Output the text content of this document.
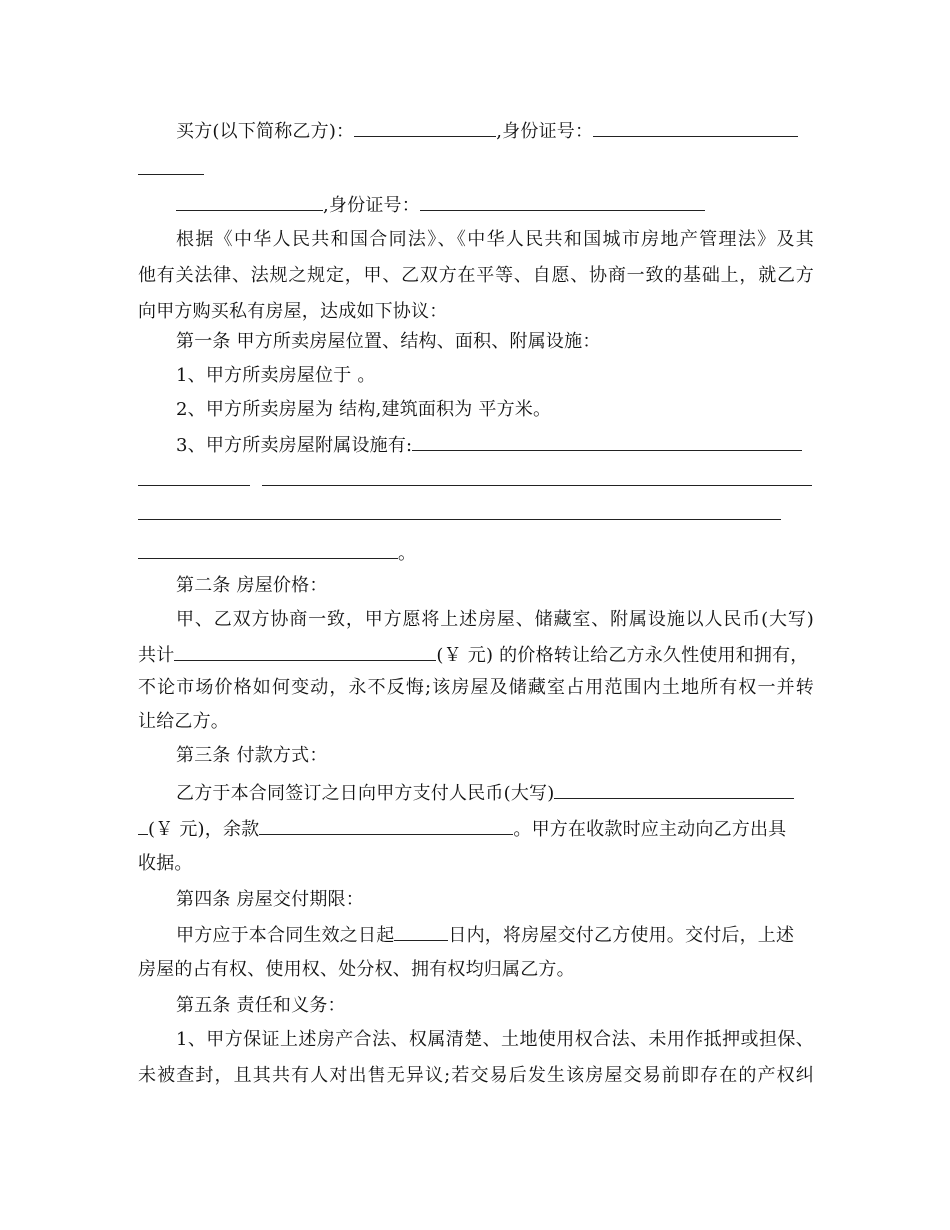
买方(以下简称乙方)：	,身份证号：
,身份证号：
根据《中华人民共和国合同法》、《中华人民共和国城市房地产管理法》及其
他有关法律、法规之规定，甲、乙双方在平等、自愿、协商一致的基础上，就乙方
向甲方购买私有房屋，达成如下协议：
第一条 甲方所卖房屋位置、结构、面积、附属设施：
1、甲方所卖房屋位于 。
2、甲方所卖房屋为 结构,建筑面积为 平方米。
3、甲方所卖房屋附属设施有:
。
第二条 房屋价格：
甲、乙双方协商一致，甲方愿将上述房屋、储藏室、附属设施以人民币(大写)
共计	(￥ 元) 的价格转让给乙方永久性使用和拥有，
不论市场价格如何变动，永不反悔;该房屋及储藏室占用范围内土地所有权一并转
让给乙方。
第三条 付款方式：
乙方于本合同签订之日向甲方支付人民币(大写)
(￥ 元)，余款	。甲方在收款时应主动向乙方出具
收据。
第四条 房屋交付期限：
甲方应于本合同生效之日起	日内，将房屋交付乙方使用。交付后，上述
房屋的占有权、使用权、处分权、拥有权均归属乙方。
第五条 责任和义务：
1、甲方保证上述房产合法、权属清楚、土地使用权合法、未用作抵押或担保、
未被查封，且其共有人对出售无异议;若交易后发生该房屋交易前即存在的产权纠
